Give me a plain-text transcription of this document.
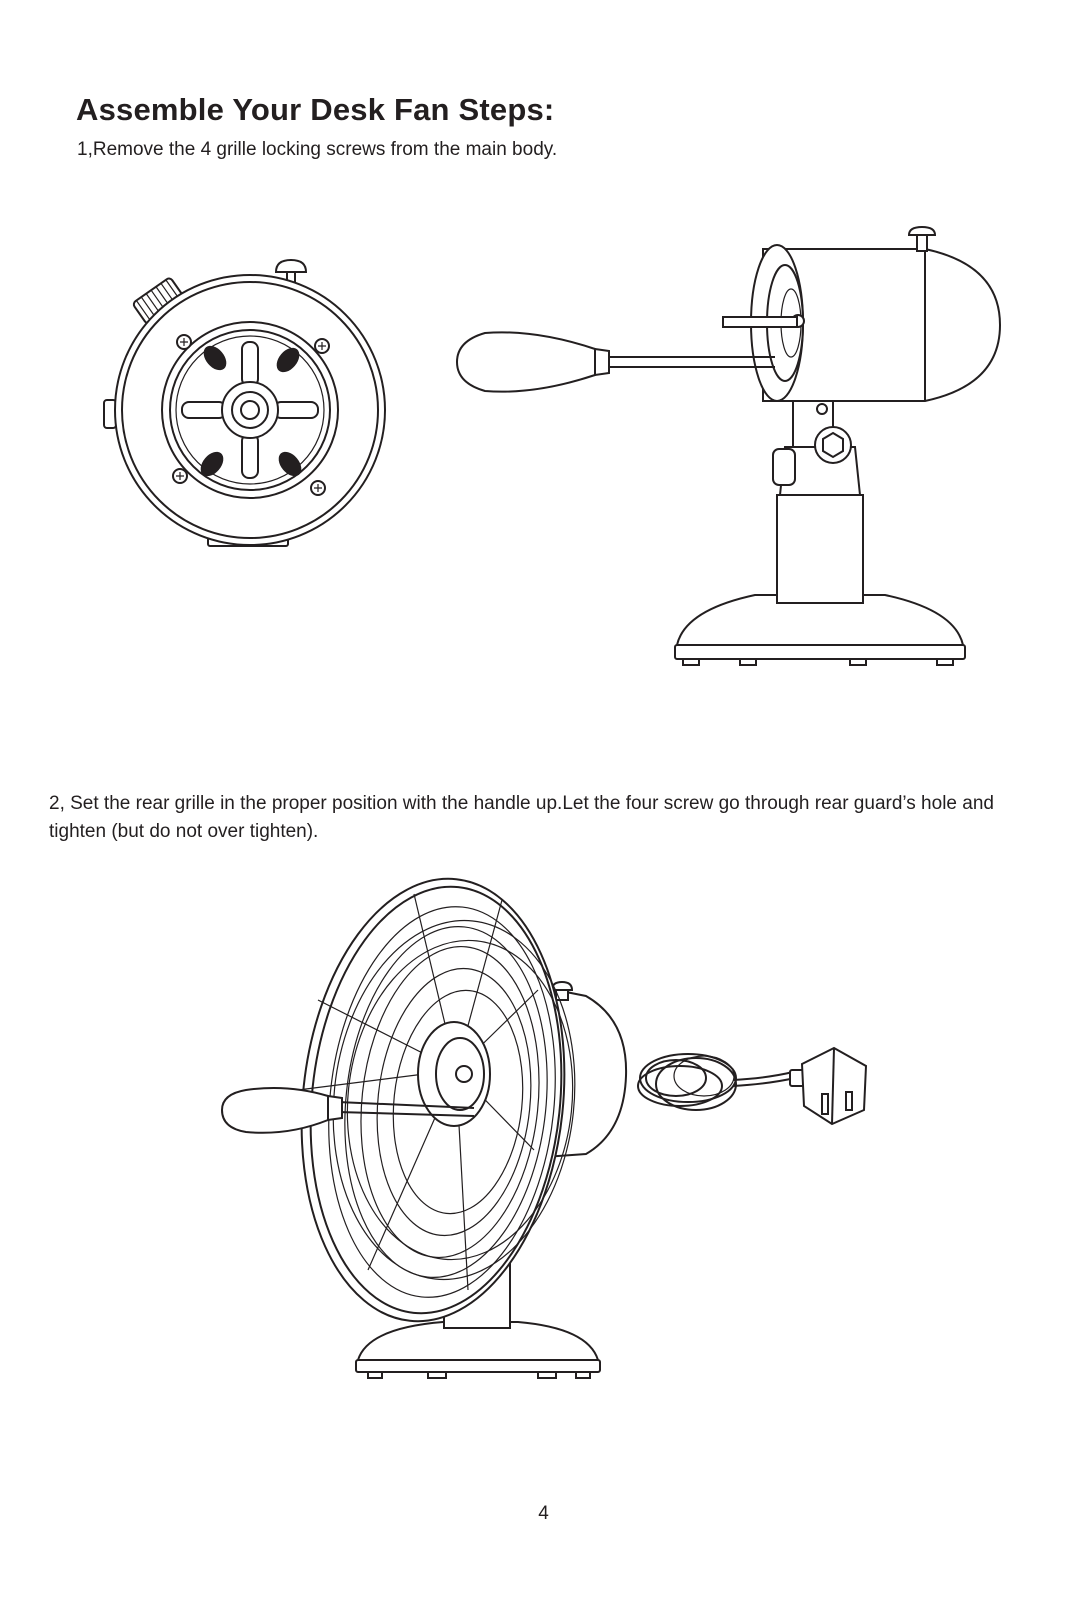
Assemble Your Desk Fan Steps:

1,Remove the 4 grille locking screws from the main body.

2, Set the rear grille in the proper position with the handle up.Let the four screw go through rear guard’s hole and tighten (but do not over tighten).

4
